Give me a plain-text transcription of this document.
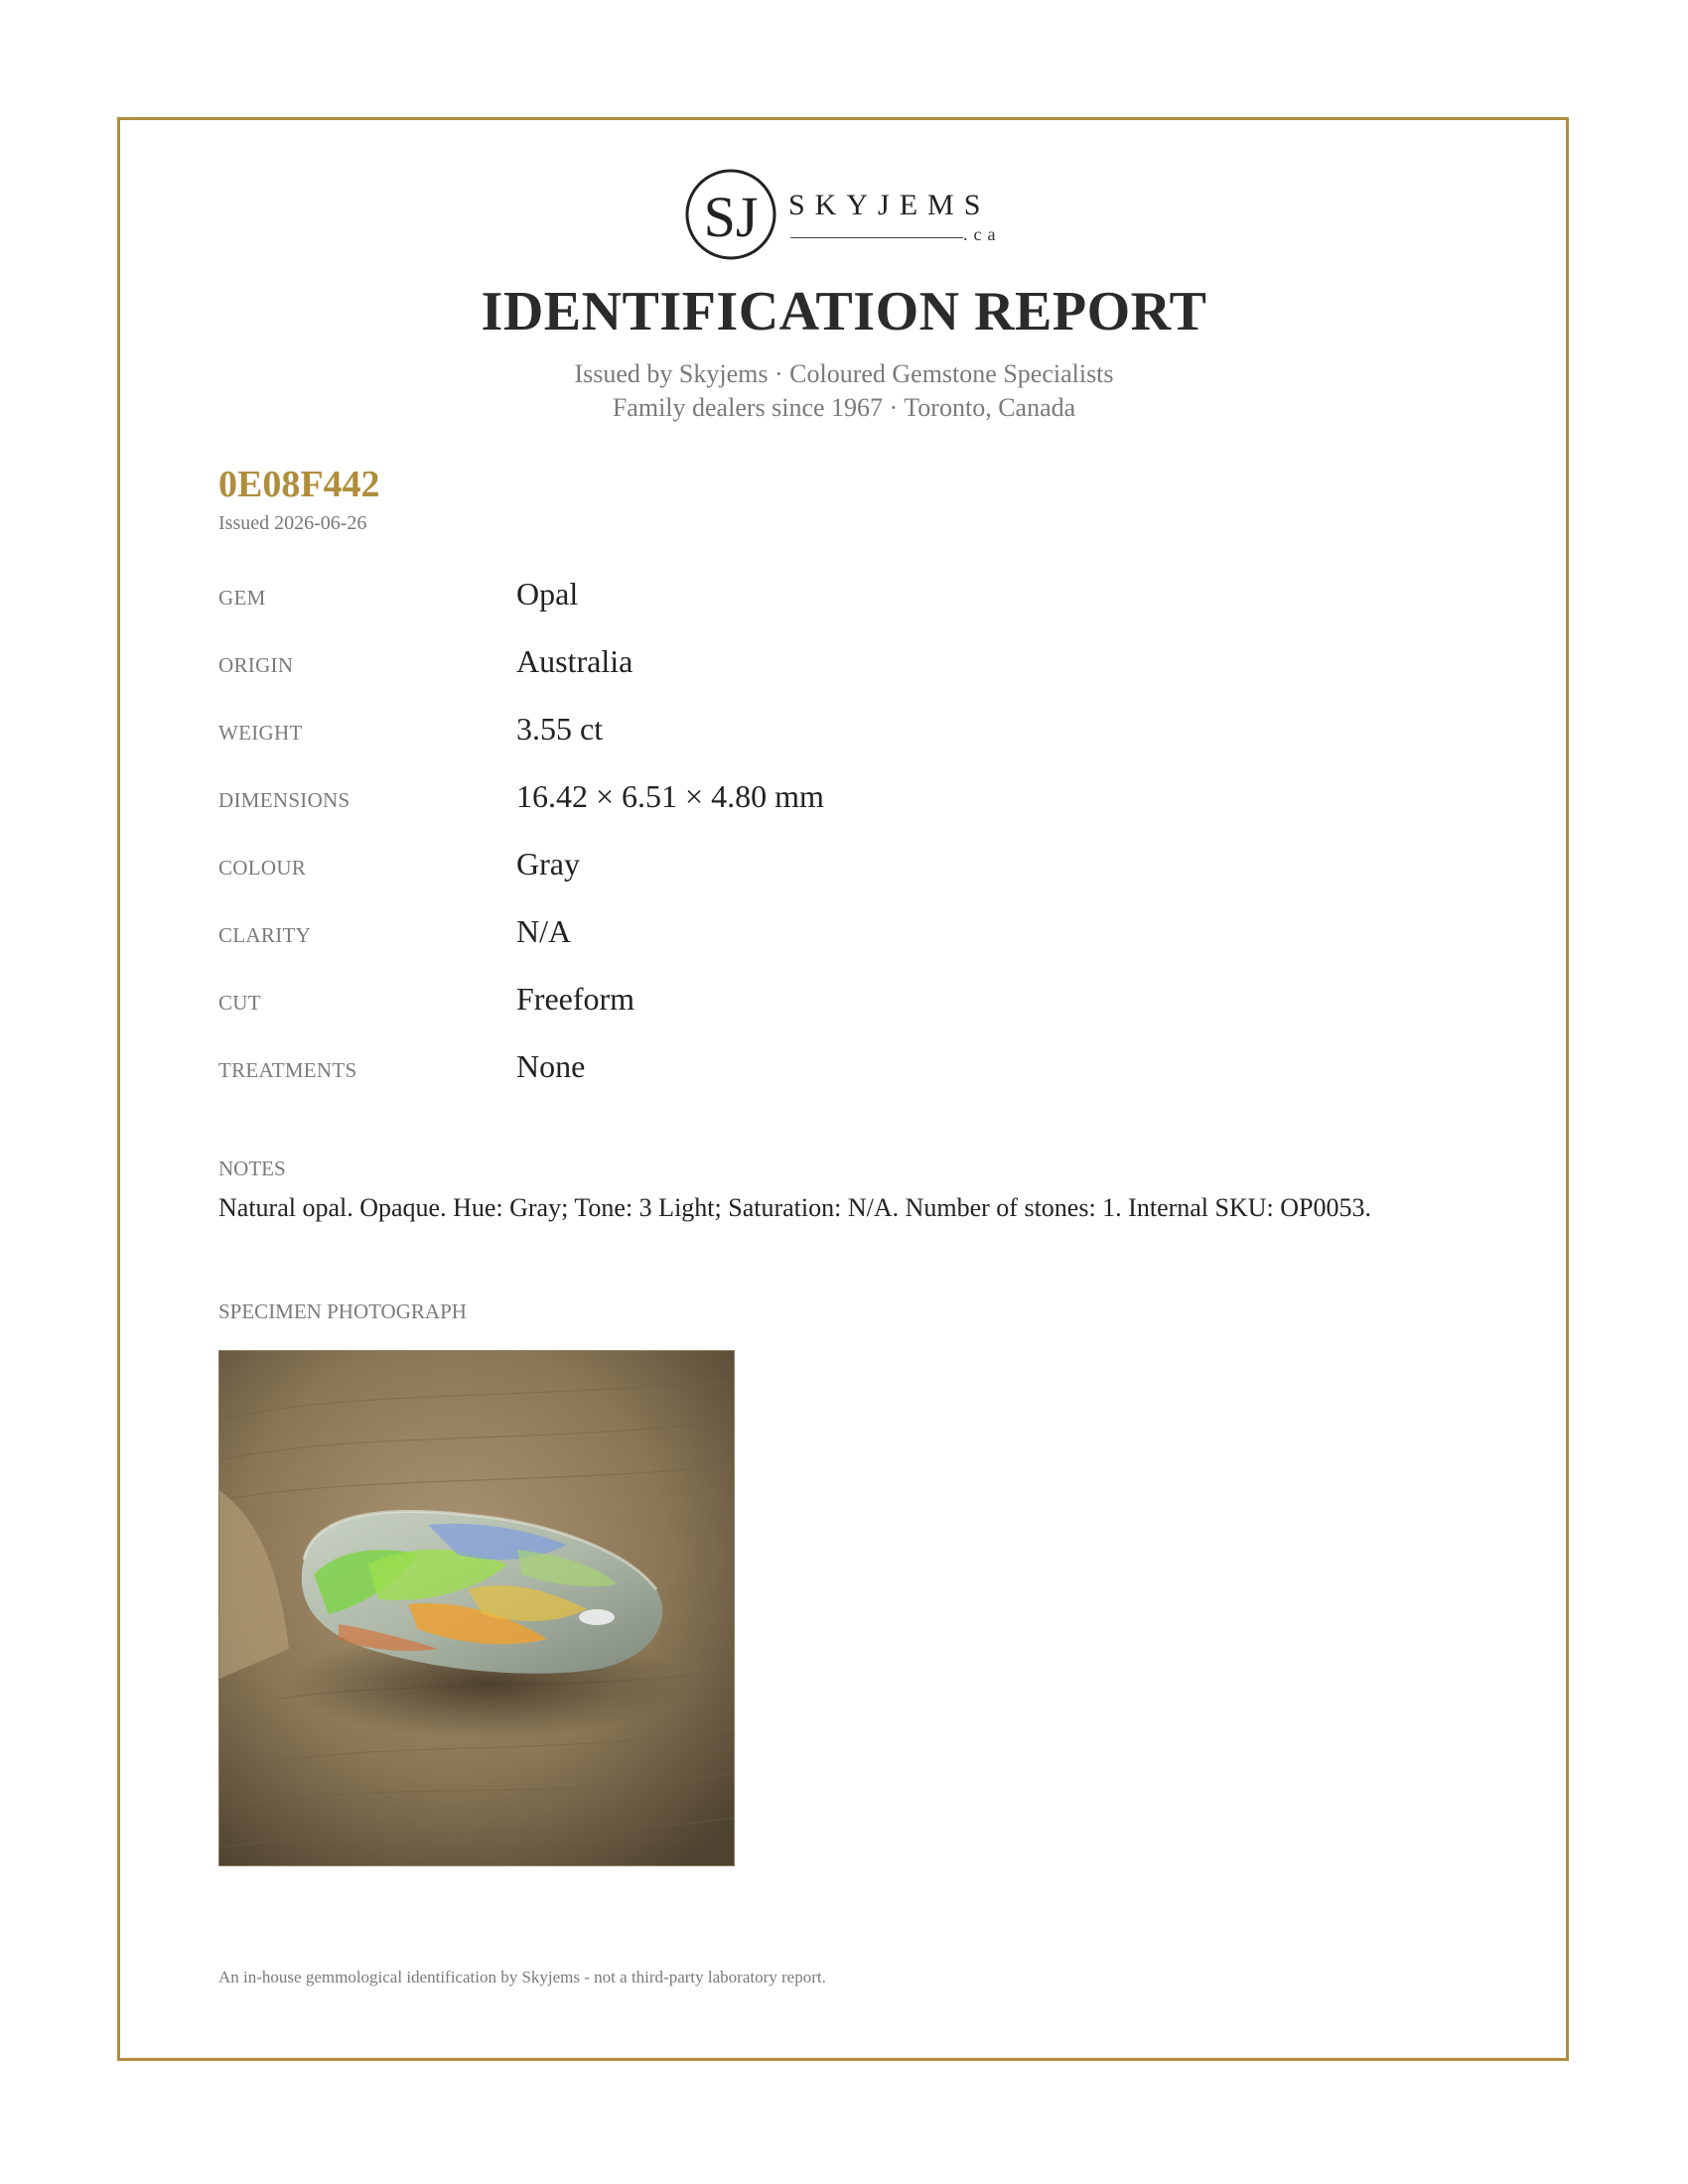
SJ SKYJEMS
.ca
IDENTIFICATION REPORT
Issued by Skyjems · Coloured Gemstone Specialists
Family dealers since 1967 · Toronto, Canada
0E08F442
Issued 2026-06-26
GEM	Opal
ORIGIN	Australia
WEIGHT	3.55 ct
DIMENSIONS	16.42 × 6.51 × 4.80 mm
COLOUR	Gray
CLARITY	N/A
CUT	Freeform
TREATMENTS	None
NOTES
Natural opal. Opaque. Hue: Gray; Tone: 3 Light; Saturation: N/A. Number of stones: 1. Internal SKU: OP0053.
SPECIMEN PHOTOGRAPH
An in-house gemmological identification by Skyjems - not a third-party laboratory report.
